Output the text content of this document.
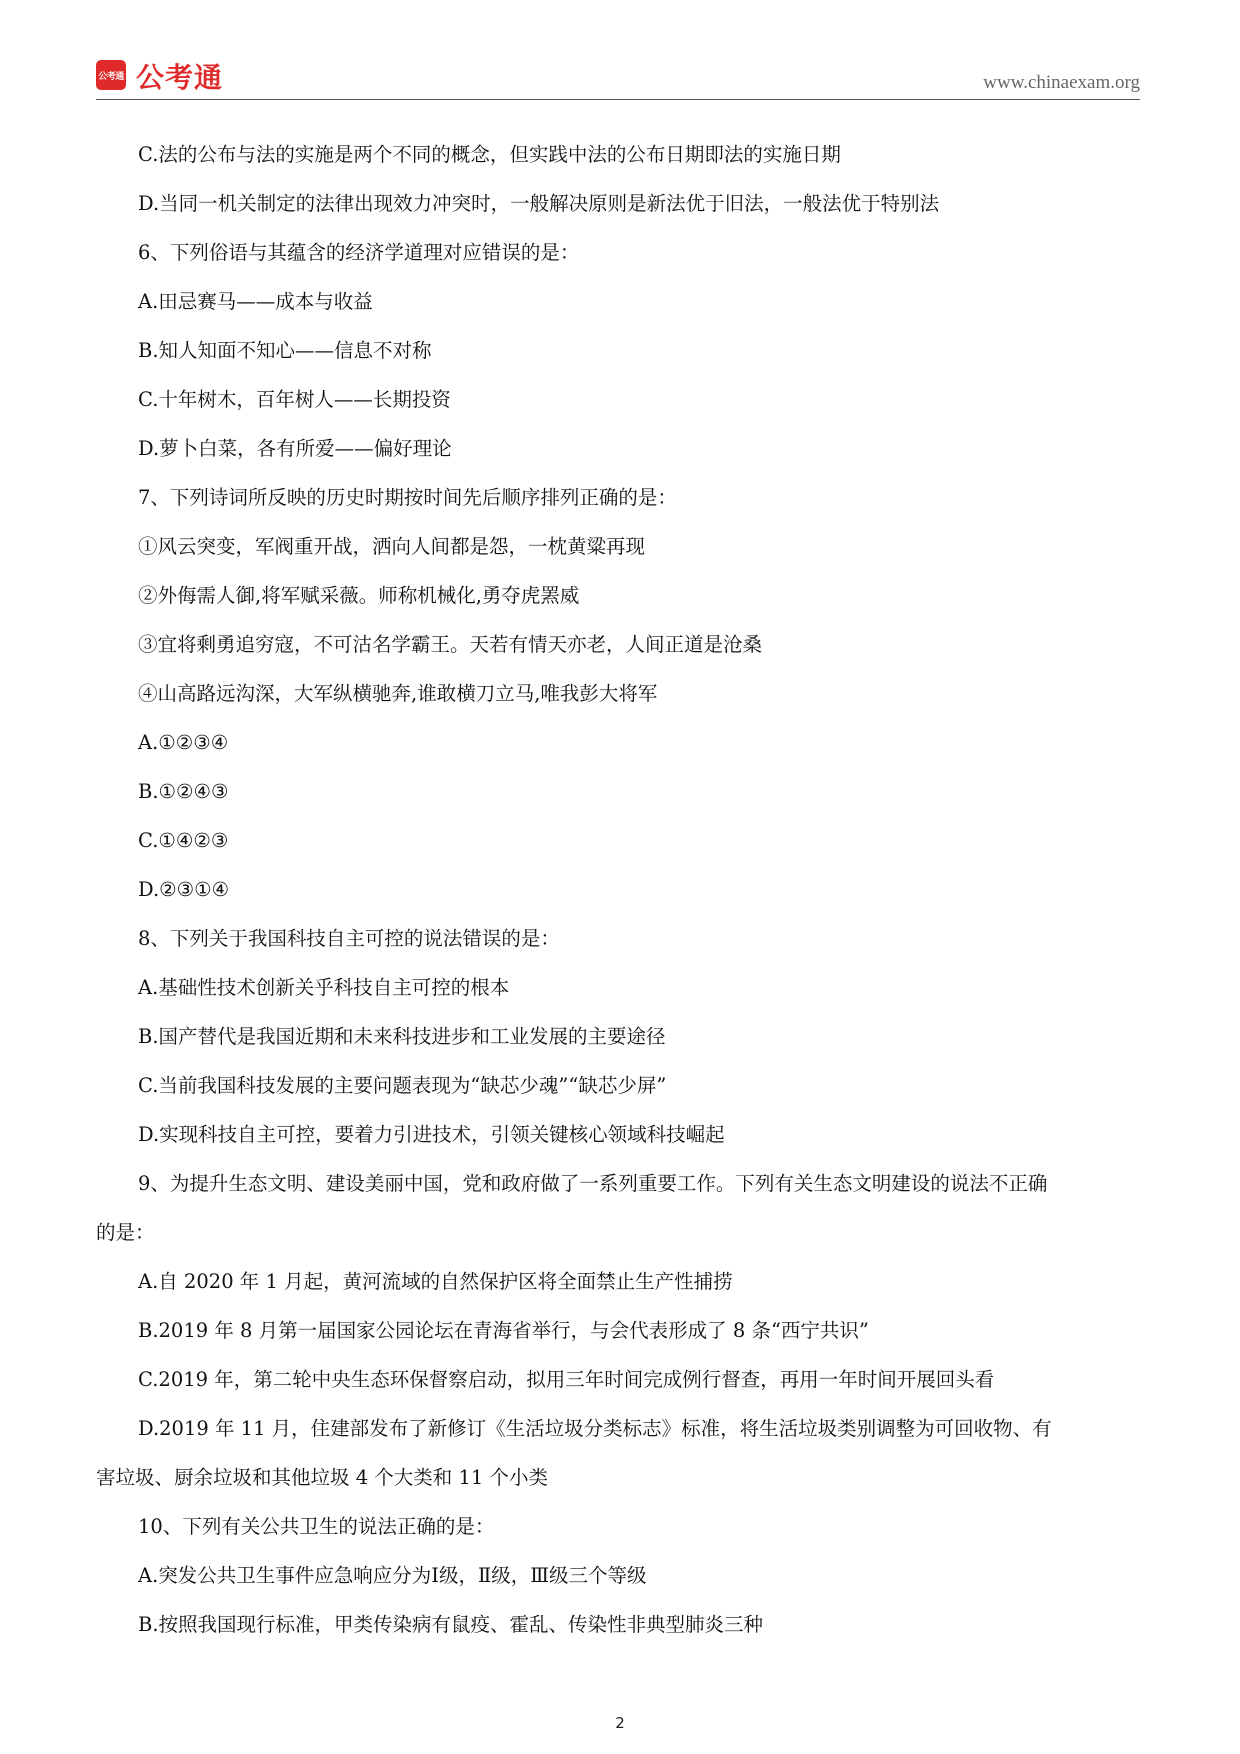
公考通 公考通	www.chinaexam.org

C.法的公布与法的实施是两个不同的概念，但实践中法的公布日期即法的实施日期

D.当同一机关制定的法律出现效力冲突时，一般解决原则是新法优于旧法，一般法优于特别法

6、下列俗语与其蕴含的经济学道理对应错误的是：

A.田忌赛马——成本与收益

B.知人知面不知心——信息不对称

C.十年树木，百年树人——长期投资

D.萝卜白菜，各有所爱——偏好理论

7、下列诗词所反映的历史时期按时间先后顺序排列正确的是：

①风云突变，军阀重开战，洒向人间都是怨，一枕黄粱再现

②外侮需人御,将军赋采薇。师称机械化,勇夺虎罴威

③宜将剩勇追穷寇，不可沽名学霸王。天若有情天亦老，人间正道是沧桑

④山高路远沟深，大军纵横驰奔,谁敢横刀立马,唯我彭大将军

A.①②③④

B.①②④③

C.①④②③

D.②③①④

8、下列关于我国科技自主可控的说法错误的是：

A.基础性技术创新关乎科技自主可控的根本

B.国产替代是我国近期和未来科技进步和工业发展的主要途径

C.当前我国科技发展的主要问题表现为“缺芯少魂”“缺芯少屏”

D.实现科技自主可控，要着力引进技术，引领关键核心领域科技崛起

9、为提升生态文明、建设美丽中国，党和政府做了一系列重要工作。下列有关生态文明建设的说法不正确

的是：

A.自 2020 年 1 月起，黄河流域的自然保护区将全面禁止生产性捕捞

B.2019 年 8 月第一届国家公园论坛在青海省举行，与会代表形成了 8 条“西宁共识”

C.2019 年，第二轮中央生态环保督察启动，拟用三年时间完成例行督查，再用一年时间开展回头看

D.2019 年 11 月，住建部发布了新修订《生活垃圾分类标志》标准，将生活垃圾类别调整为可回收物、有

害垃圾、厨余垃圾和其他垃圾 4 个大类和 11 个小类

10、下列有关公共卫生的说法正确的是：

A.突发公共卫生事件应急响应分为Ⅰ级，Ⅱ级，Ⅲ级三个等级

B.按照我国现行标准，甲类传染病有鼠疫、霍乱、传染性非典型肺炎三种

2
